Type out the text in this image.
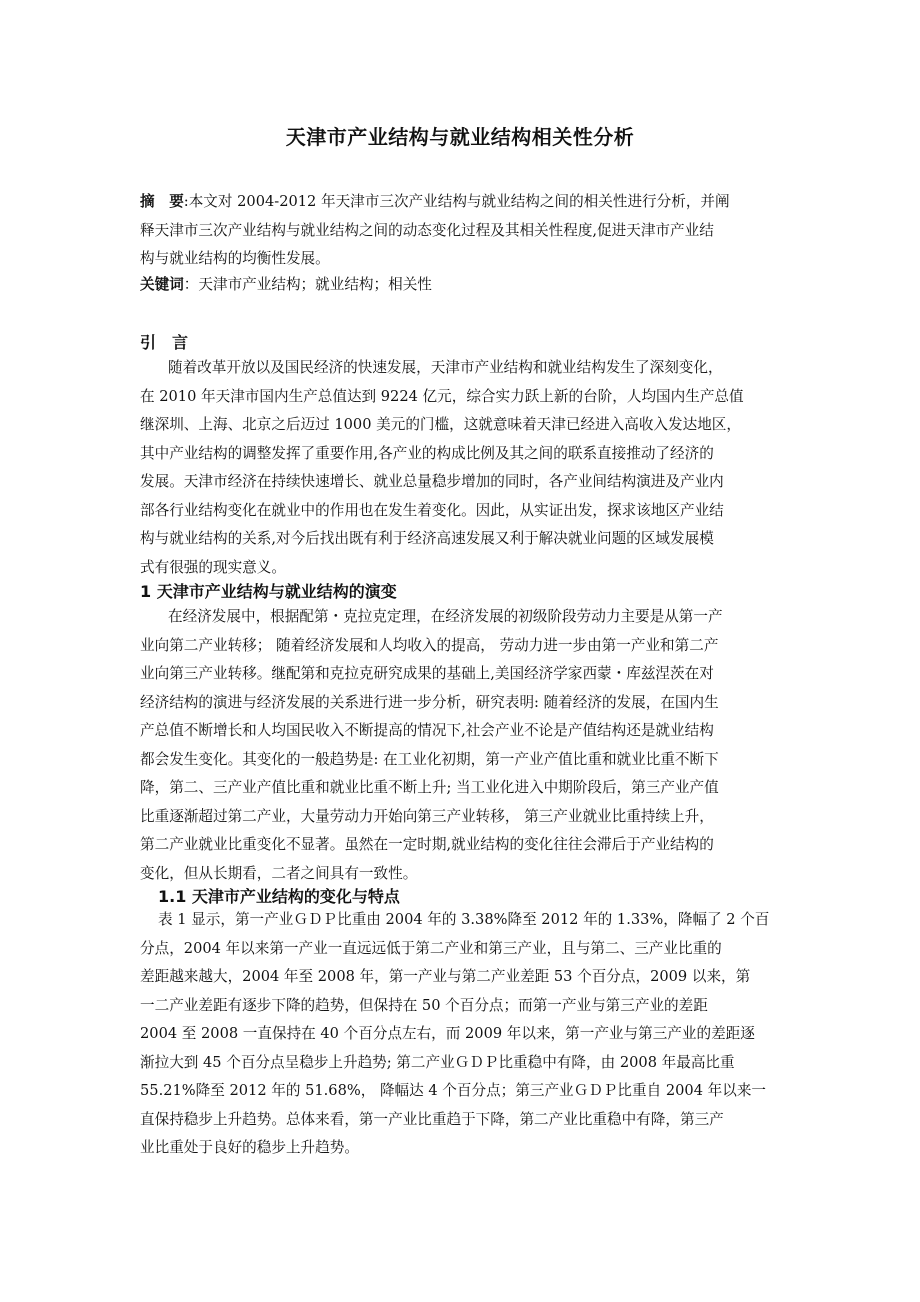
天津市产业结构与就业结构相关性分析
摘　要:本文对 2004-2012 年天津市三次产业结构与就业结构之间的相关性进行分析，并阐
释天津市三次产业结构与就业结构之间的动态变化过程及其相关性程度,促进天津市产业结
构与就业结构的均衡性发展。
关键词：天津市产业结构；就业结构；相关性
引　言
随着改革开放以及国民经济的快速发展，天津市产业结构和就业结构发生了深刻变化，
在 2010 年天津市国内生产总值达到 9224 亿元，综合实力跃上新的台阶，人均国内生产总值
继深圳、上海、北京之后迈过 1000 美元的门槛，这就意味着天津已经进入高收入发达地区，
其中产业结构的调整发挥了重要作用,各产业的构成比例及其之间的联系直接推动了经济的
发展。天津市经济在持续快速增长、就业总量稳步增加的同时，各产业间结构演进及产业内
部各行业结构变化在就业中的作用也在发生着变化。因此，从实证出发，探求该地区产业结
构与就业结构的关系,对今后找出既有利于经济高速发展又利于解决就业问题的区域发展模
式有很强的现实意义。
1 天津市产业结构与就业结构的演变
在经济发展中，根据配第・克拉克定理，在经济发展的初级阶段劳动力主要是从第一产
业向第二产业转移； 随着经济发展和人均收入的提高， 劳动力进一步由第一产业和第二产
业向第三产业转移。继配第和克拉克研究成果的基础上,美国经济学家西蒙・库兹涅茨在对
经济结构的演进与经济发展的关系进行进一步分析，研究表明: 随着经济的发展，在国内生
产总值不断增长和人均国民收入不断提高的情况下,社会产业不论是产值结构还是就业结构
都会发生变化。其变化的一般趋势是: 在工业化初期，第一产业产值比重和就业比重不断下
降，第二、三产业产值比重和就业比重不断上升; 当工业化进入中期阶段后，第三产业产值
比重逐渐超过第二产业，大量劳动力开始向第三产业转移， 第三产业就业比重持续上升，
第二产业就业比重变化不显著。虽然在一定时期,就业结构的变化往往会滞后于产业结构的
变化，但从长期看，二者之间具有一致性。
1.1 天津市产业结构的变化与特点
表 1 显示，第一产业ＧＤＰ比重由 2004 年的 3.38%降至 2012 年的 1.33%，降幅了 2 个百
分点，2004 年以来第一产业一直远远低于第二产业和第三产业，且与第二、三产业比重的
差距越来越大，2004 年至 2008 年，第一产业与第二产业差距 53 个百分点，2009 以来，第
一二产业差距有逐步下降的趋势，但保持在 50 个百分点；而第一产业与第三产业的差距
2004 至 2008 一直保持在 40 个百分点左右，而 2009 年以来，第一产业与第三产业的差距逐
渐拉大到 45 个百分点呈稳步上升趋势; 第二产业ＧＤＰ比重稳中有降，由 2008 年最高比重
55.21%降至 2012 年的 51.68%， 降幅达 4 个百分点；第三产业ＧＤＰ比重自 2004 年以来一
直保持稳步上升趋势。总体来看，第一产业比重趋于下降，第二产业比重稳中有降，第三产
业比重处于良好的稳步上升趋势。
